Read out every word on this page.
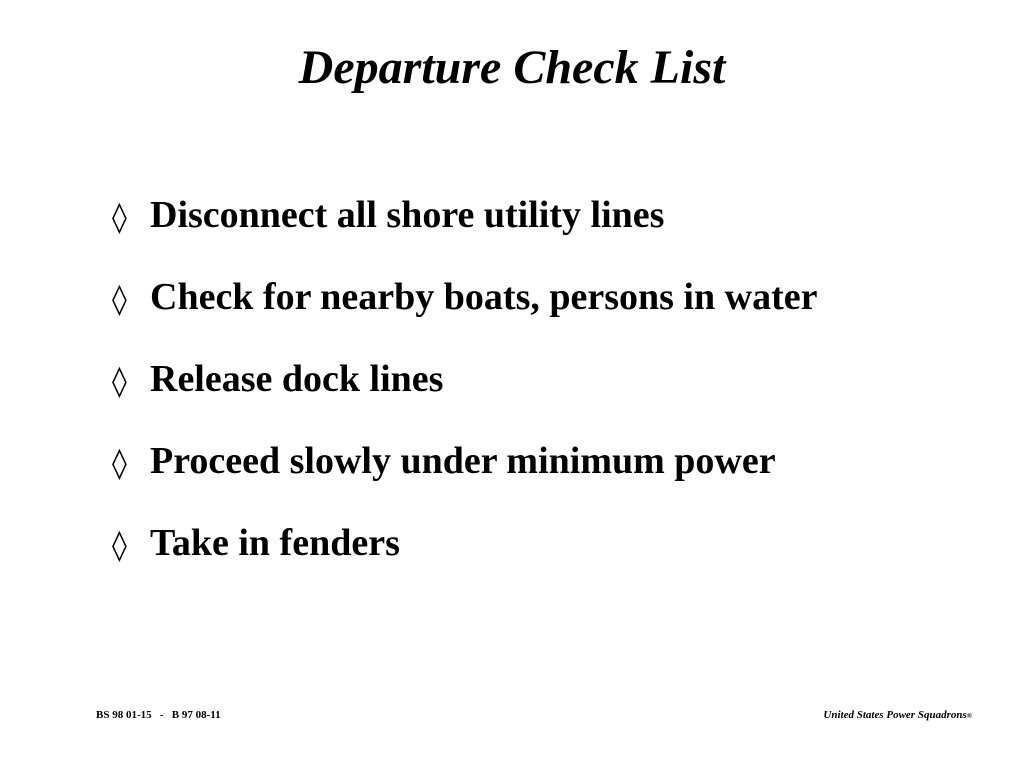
Departure Check List
◊ Disconnect all shore utility lines
◊ Check for nearby boats, persons in water
◊ Release dock lines
◊ Proceed slowly under minimum power
◊ Take in fenders
BS 98 01-15   -   B 97 08-11	United States Power Squadrons®
